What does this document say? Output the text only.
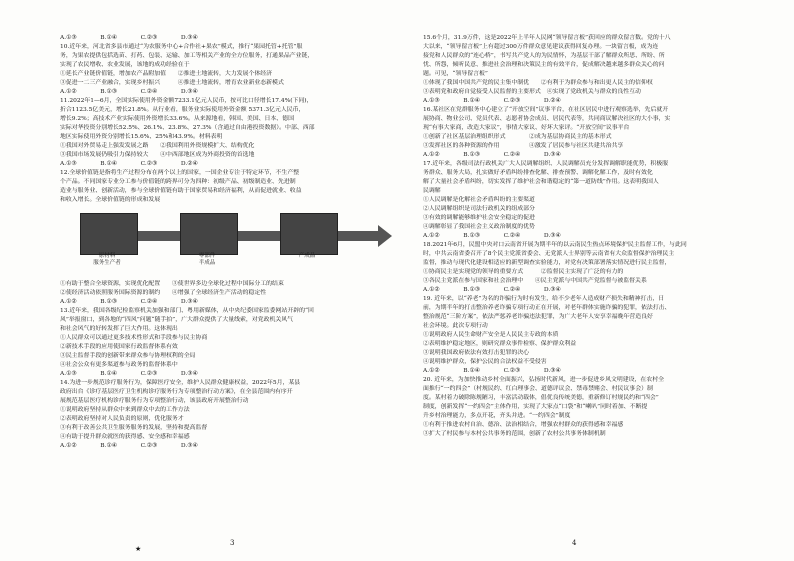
A.①③　　　　B.①④　　　　C.②③　　　　D.③④
10.近年来，河北省多县市通过“为农服务中心+合作社+果农”模式，推行“果园托管+托管”服
务，为果农提供包括选苗、打药、包装、运输、加工等相关产业的全方位服务，打通果品产业链，
实现了农民增收、农业发展，该地的成功经验在于
①延长产业链价值链，增加农产品附加值　　②推进土地流转，大力发展个体经济
③促进一二三产业融合，实现乡村振兴　　　④推进土地流转，增育农业新业态新模式
A.①②　　　　B.①③　　　　C.②④　　　　D.③④
11.2022年1—6月，全国实际使用外资金额7233.1亿元人民币，按可比口径增长17.4%(下同)，
折合1123.5亿美元，增长21.8%。从行业看，服务业实际使用外资金额 5371.3亿元人民币，
增长9.2%；高技术产业实际使用外资增长33.6%。从来源地看，韩国、美国、日本、德国
实际对华投资分别增长52.5%、26.1%、23.8%、27.3%（含通过自由港投资数据）。中部、西部
地区实际使用外资分别增长15.6%、25%和43.9%。材料表明
①我国对外贸易走上强发发展之路　　②我国利用外资规模扩大、结构优化
③我国市场发展仍吸引力保持较大　　④中西部地区成为外商投资的首选地
A.①③　　　　B.①④　　　　C.②③　　　　D.②④
12.全球价值链是指将生产过程分布在两个以上的国家，一国企业专注于特定环节，不生产整
个产品。不同国家专业分工参与价值链的跨界可分为四种：初级产品、初级制造业、先进制
造业与服务业、创新活动，参与全球价值链有助于国家贸易和经济福利，从而促进就业、收益
和收入增长。全球价值链的形成和发展
原材料
服务生产者
零部件
半成品
产成品
①有助于整合全球资源，实现优化配置　　③使世界多边全球化过程中国际分工的结束
②使经济活动依照服务国际资源的制约　　④增强了全球经济生产活动的稳定性
A.①②　　　　B.①③　　　　C.②④　　　　D.③④
13.近年来，我国各级纪检监察机关加强和部门、粤用新媒体，从中央纪委国家监委网站开辟的“回
风”举报窗口，到各地的“四风”问题“随手拍”，广大群众提供了大量线索，对党政机关风气
和社会风气的好转发挥了巨大作用。这体现出
①人民群众可以通过更多技术性形式和手段参与民主协商
②新技术手段的应用使国家行政监督体系有效
③民主监督手段的创新带来群众参与协理权利的全局
④社会公众有更多渠道参与政务的监督体系中
A.①③　　　　B.①④　　　　C.②③　　　　D.③④
14.为进一步规范诊疗服务行为，保障医疗安全，维护人民群众健康权益，2022年5月，某县
政府出台《诊疗基层医疗卫生机构诊疗服务行为专项整治行动方案》，在全县范围内有序开
展规范基层医疗机构诊疗服务行为专项整治行动，该县政府开展整治行动
①说明政府坚持从群众中来到群众中去的工作方法
②表明政府坚持对人民负责的原则，优化服务才
③有利于改善公共卫生服务服务的发展，坚持和提高监督
④有助于提升群众就医的获得感、安全感和幸福感
A.①②　　　　B.①④　　　　C.②③　　　　D.③④
3
★
15.6个月，31.9万件，这是2022年上半年人民网“领导留言板”获回应的群众留言数。党的十八
大以来，“领导留言板”上有超过300万件群众意见建议获得回复办理。一块留言板，成为连
接党和人民群众的“连心桥”，书写共产党人的为民情怀，为基层干部了解群众所思、所盼、所
忧、所怨，倾听民意、推进社会治理和决策民主的有效平台，促成解决越来越多群众关心的问
题。可见，“领导留言板”
①体现了我国中国共产党的民主集中制优　　②有利于为群众参与和出更人民主的信仰权
③表明党和政府自觉接受人民监督的主要形式　④实现了党政机关与群众的良性互动
A.①③　　　　B.①④　　　　C.②③　　　　D.②④
16.某社区在党群服务中心建立了“开放空间”议事平台，在社区居民中进行观察选举，先后就开
展协商、物业公司、党员代表、志愿者协会成员、居民代表等，共同商议解决社区的大小事，实
现“有事大家商，改造大家议”，事情大家议、好坏大家评。“开放空间”议事平台
①创新了社区基层治理组织形式　　　　②成为基层协商民主的基本形式
③发挥社区的各种资源的作用　　　　　④激发了居民参与社区共建共治共享
A.①②　　　　B.①③　　　　C.②④　　　　D.③④
17.近年来，各级司法行政机关广大人民调解组织、人民调解员充分发挥调解职能优势，积极服
务群众、服务大局，扎实做好矛盾纠纷排查化解、排查预警、调解化解工作，及时有效化
解了大量社会矛盾纠纷，切实发挥了维护社会和谐稳定的“第一道防线”作用。这表明我国人
民调解
①人民调解是化解社会矛盾纠纷的主要渠道
②人民调解组织是司法行政机关的组成部分
③有效的调解能够维护社会安全稳定的促进
④调解彰显了我国社会主义政治制度的优势
A.①②　　　　B.①③　　　　C.②④　　　　D.③④
18.2021年6月，民盟中央对口云南省开展为期半年的以云南民生热点环境保护民主监督工作，与此同
时，中共云南省委召开了8个民主党派省委会、无党派人士界别等云南省有大众监督保护治理民主
监督，推动与现代化建设相适应的新型调查实验能力，对党有决策部署落实情况进行民主监督，
①协商民主是实现党的领导的重要方式　　　②监督民主实现了广泛的有力的
③各民主党派在参与国家和社会治理中　　④民主党派与中国共产党监督与被监督关系
A.①②　　　　B.①③　　　　C.②④　　　　D.③④
19. 近年来，以“养老”为名的诈骗行为时有发生，给不少老年人造成财产损失和精神打击，日
前，为期半年的打击整治养老诈骗专项行动正在开展，对老年群体实施诈骗的犯罪，依法打击、
整治规范“三阶方案”，依法严惩养老诈骗违法犯罪，为广大老年人安享幸福晚年营造良好
社会环境。此次专项行动
①说明政府人民生命财产安全是人民民主专政的本质
②表明维护稳定地区，则研究群众事件检察、保护群众利益
③说明我国政府依法有效打击犯罪的决心
④说明维护群众，保护公民的合法权益不受侵害
A.①②　　　　B.①④　　　　C.②③　　　　D.③④
20. 近年来，为加快推动乡村全面振兴，弘扬时代新风，进一步促进乡风文明建设，在农村全
面推行“一约四会”（村规民约、红白理事会、道德评议会、禁毒禁赌会、村民议事会）制
度。某村着力破除陈规陋习，丰富活动载体，倡优良传统美德，重新修订村规民约和“四会”
制度，创新发挥“一约四会”主体作用，实现了大家点“口袋”和“喇叭”同时着加、不断提
升乡村治理能力，多点开花，齐头并进。“一约四会”制度
①有利于推进农村自治、德治、法治相结合，增强农村群众的获得感和幸福感
③扩大了村民参与本村公共事务的范围，创新了农村公共事务体制机制
4
